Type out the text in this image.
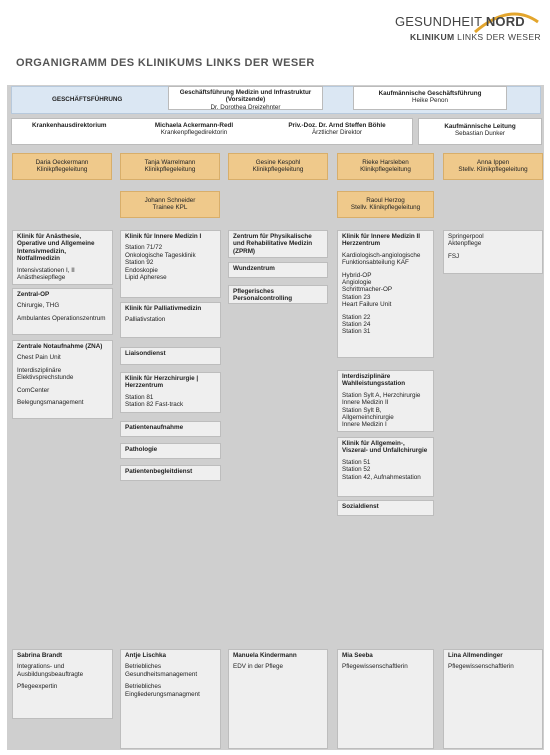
GESUNDHEIT NORD
KLINIKUM LINKS DER WESER
ORGANIGRAMM DES KLINIKUMS LINKS DER WESER
GESCHÄFTSFÜHRUNG
Geschäftsführung Medizin und Infrastruktur (Vorsitzende)
Dr. Dorothea Dreizehnter
Kaufmännische Geschäftsführung
Heike Penon
Krankenhausdirektorium	Michaela Ackermann-Redl
Krankenpflegedirektorin
Priv.-Doz. Dr. Arnd Steffen Böhle
Ärztlicher Direktor
Kaufmännische Leitung
Sebastian Dunker
Daria Oeckermann
Klinikpflegeleitung
Tanja Warrelmann
Klinikpflegeleitung
Gesine Kespohl
Klinikpflegeleitung
Rieke Harsleben
Klinikpflegeleitung
Anna Ippen
Stellv. Klinikpflegeleitung
Johann Schneider
Trainee KPL
Raoul Herzog
Stellv. Klinikpflegeleitung
Klinik für Anästhesie, Operative und Allgemeine Intensivmedizin, Notfallmedizin
Intensivstationen I, II
Anästhesiepflege
Zentral-OP
Chirurgie, THG
Ambulantes Operationszentrum
Zentrale Notaufnahme (ZNA)
Chest Pain Unit
Interdisziplinäre Elektivsprechstunde
ComCenter
Belegungsmanagement
Klinik für Innere Medizin I
Station 71/72
Onkologische Tagesklinik
Station 92
Endoskopie
Lipid Apherese
Klinik für Palliativmedizin
Palliativstation
Liaisondienst
Klinik für Herzchirurgie | Herzzentrum
Station 81
Station 82 Fast-track
Patientenaufnahme
Pathologie
Patientenbegleitdienst
Zentrum für Physikalische und Rehabilitative Medizin (ZPRM)
Wundzentrum
Pflegerisches Personalcontrolling
Klinik für Innere Medizin II Herzzentrum
Kardiologisch-angiologische Funktionsabteilung KAF
Hybrid-OP
Angiologie
Schrittmacher-OP
Station 23
Heart Failure Unit
Station 22
Station 24
Station 31
Interdisziplinäre Wahlleistungsstation
Station Sylt A, Herzchirurgie
Innere Medizin II
Station Sylt B, Allgemeinchirurgie
Innere Medizin I
Klinik für Allgemein-, Viszeral- und Unfallchirurgie
Station 51
Station 52
Station 42, Aufnahmestation
Sozialdienst
Springerpool
Aktenpflege
FSJ
Sabrina Brandt
Integrations- und Ausbildungsbeauftragte
Pflegeexpertin
Antje Lischka
Betriebliches Gesundheitsmanagement
Betriebliches Eingliederungsmanagment
Manuela Kindermann
EDV in der Pflege
Mia Seeba
Pflegewissenschaftlerin
Lina Allmendinger
Pflegewissenschaftlerin
